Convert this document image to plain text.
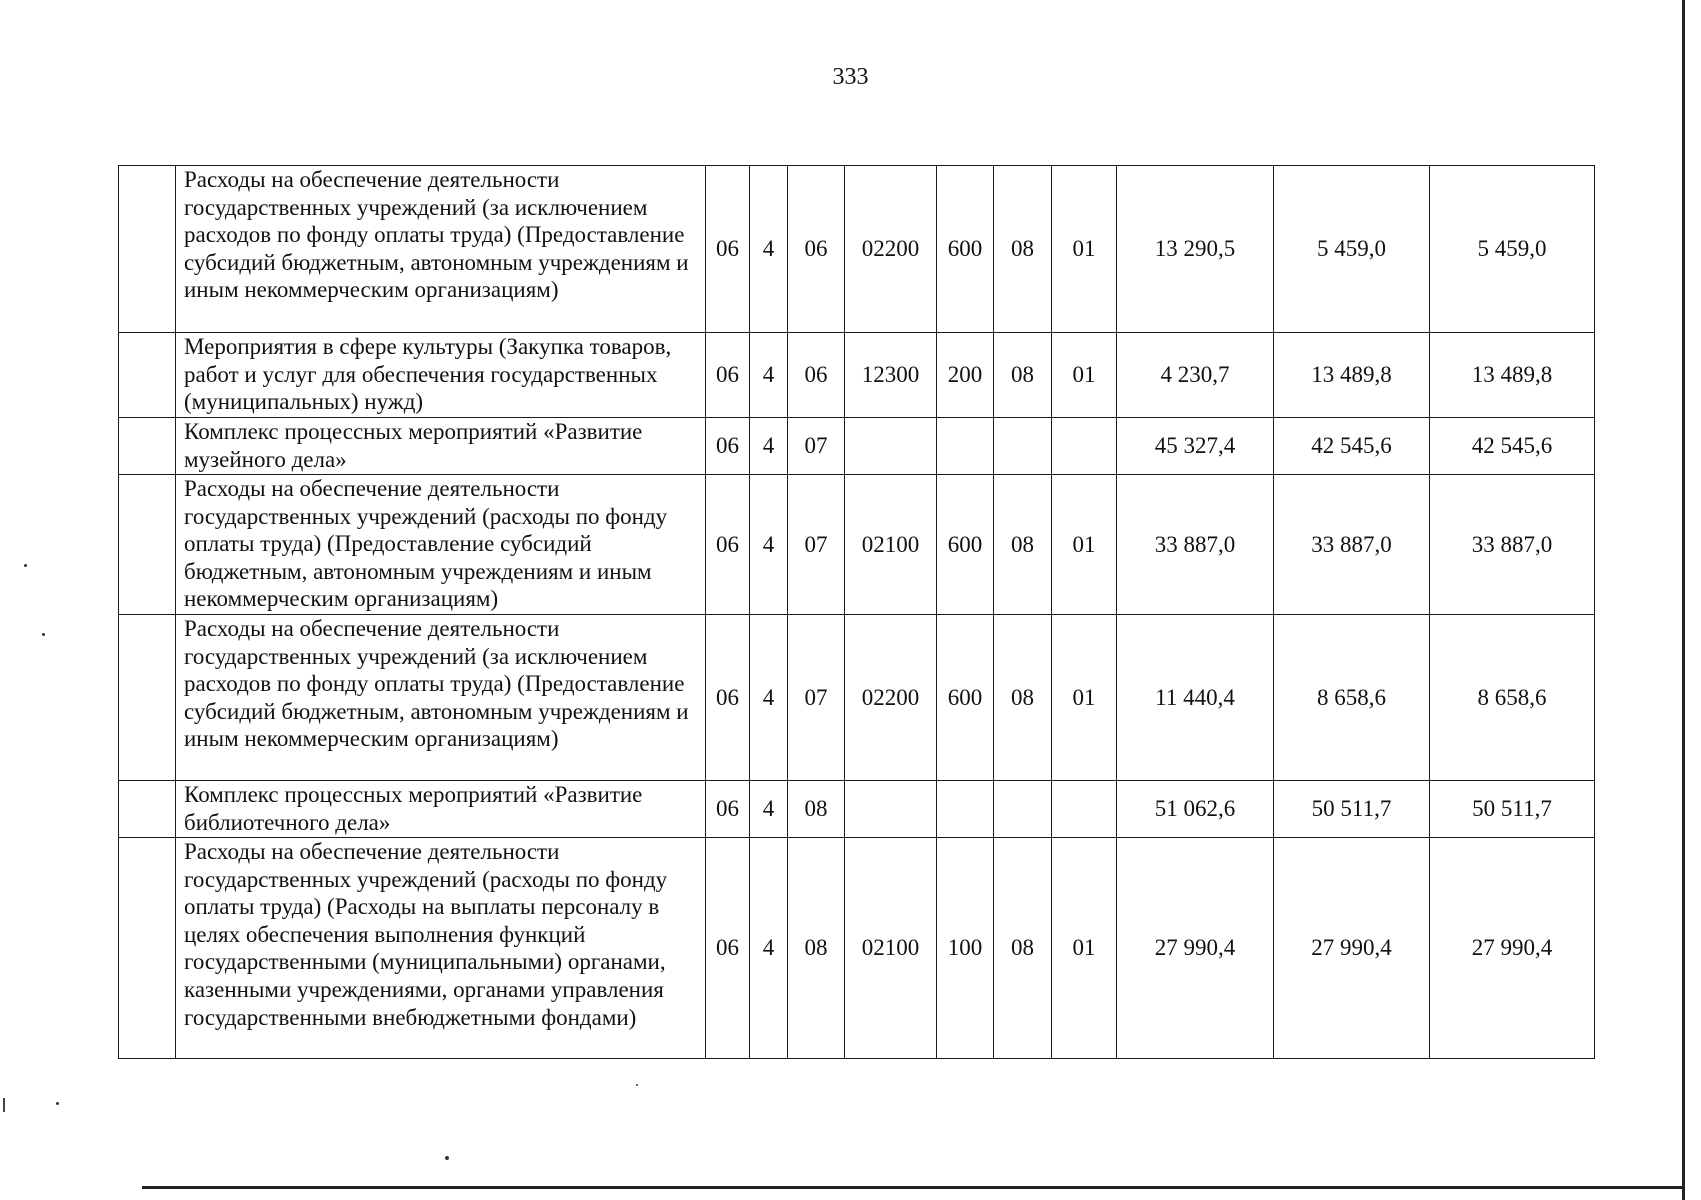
333
	Расходы на обеспечение деятельности государственных учреждений (за исключением расходов по фонду оплаты труда) (Предоставление субсидий бюджетным, автономным учреждениям и иным некоммерческим организациям)	06	4	06	02200	600	08	01	13 290,5	5 459,0	5 459,0
	Мероприятия в сфере культуры (Закупка товаров, работ и услуг для обеспечения государственных (муниципальных) нужд)	06	4	06	12300	200	08	01	4 230,7	13 489,8	13 489,8
	Комплекс процессных мероприятий «Развитие музейного дела»	06	4	07					45 327,4	42 545,6	42 545,6
	Расходы на обеспечение деятельности государственных учреждений (расходы по фонду оплаты труда) (Предоставление субсидий бюджетным, автономным учреждениям и иным некоммерческим организациям)	06	4	07	02100	600	08	01	33 887,0	33 887,0	33 887,0
	Расходы на обеспечение деятельности государственных учреждений (за исключением расходов по фонду оплаты труда) (Предоставление субсидий бюджетным, автономным учреждениям и иным некоммерческим организациям)	06	4	07	02200	600	08	01	11 440,4	8 658,6	8 658,6
	Комплекс процессных мероприятий «Развитие библиотечного дела»	06	4	08					51 062,6	50 511,7	50 511,7
	Расходы на обеспечение деятельности государственных учреждений (расходы по фонду оплаты труда) (Расходы на выплаты персоналу в целях обеспечения выполнения функций государственными (муниципальными) органами, казенными учреждениями, органами управления государственными внебюджетными фондами)	06	4	08	02100	100	08	01	27 990,4	27 990,4	27 990,4
